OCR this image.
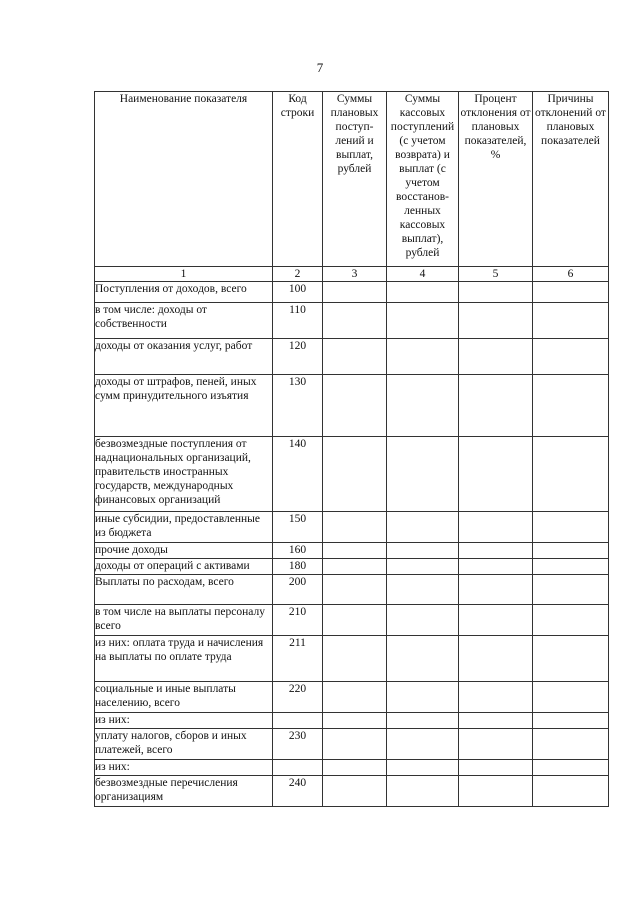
7
Наименование показателя	Код строки	Суммы плановых поступ-лений и выплат, рублей	Суммы кассовых поступлений (с учетом возврата) и выплат (с учетом восстанов-ленных кассовых выплат), рублей	Процент отклонения от плановых показателей, %	Причины отклонений от плановых показателей

1	2	3	4	5	6
Поступления от доходов, всего	100				
в том числе: доходы от собственности	110				
доходы от оказания услуг, работ	120				
доходы от штрафов, пеней, иных сумм принудительного изъятия	130				
безвозмездные поступления от наднациональных организаций, правительств иностранных государств, международных финансовых организаций	140				
иные субсидии, предоставленные из бюджета	150				
прочие доходы	160				
доходы от операций с активами	180				
Выплаты по расходам, всего	200				
в том числе на выплаты персоналу всего	210				
из них: оплата труда и начисления на выплаты по оплате труда	211				
социальные и иные выплаты населению, всего	220				
из них:					
уплату налогов, сборов и иных платежей, всего	230				
из них:					
безвозмездные перечисления организациям	240				
